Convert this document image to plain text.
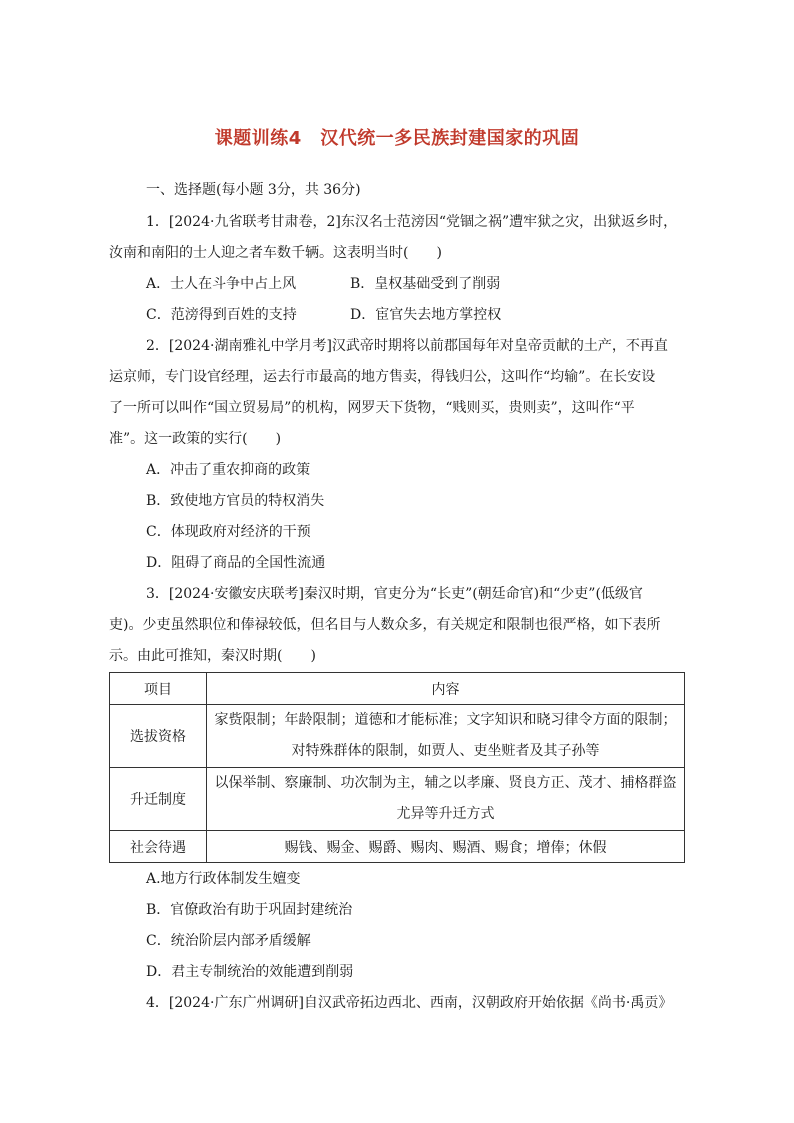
课题训练4　汉代统一多民族封建国家的巩固
一、选择题(每小题 3分，共 36分)
1．[2024·九省联考甘肃卷，2]东汉名士范滂因“党锢之祸”遭牢狱之灾，出狱返乡时，
汝南和南阳的士人迎之者车数千辆。这表明当时(　　)
A．士人在斗争中占上风	B．皇权基础受到了削弱
C．范滂得到百姓的支持	D．宦官失去地方掌控权
2．[2024·湖南雅礼中学月考]汉武帝时期将以前郡国每年对皇帝贡献的土产，不再直
运京师，专门设官经理，运去行市最高的地方售卖，得钱归公，这叫作“均输”。在长安设
了一所可以叫作“国立贸易局”的机构，网罗天下货物，“贱则买，贵则卖”，这叫作“平
准”。这一政策的实行(　　)
A．冲击了重农抑商的政策
B．致使地方官员的特权消失
C．体现政府对经济的干预
D．阻碍了商品的全国性流通
3．[2024·安徽安庆联考]秦汉时期，官吏分为“长吏”(朝廷命官)和“少吏”(低级官
吏)。少吏虽然职位和俸禄较低，但名目与人数众多，有关规定和限制也很严格，如下表所
示。由此可推知，秦汉时期(　　)
项目	内容
选拔资格	家赀限制；年龄限制；道德和才能标准；文字知识和晓习律令方面的限制；
对特殊群体的限制，如贾人、吏坐赃者及其子孙等

升迁制度	以保举制、察廉制、功次制为主，辅之以孝廉、贤良方正、茂才、捕格群盗
尤异等升迁方式

社会待遇	赐钱、赐金、赐爵、赐肉、赐酒、赐食；增俸；休假
A.地方行政体制发生嬗变
B．官僚政治有助于巩固封建统治
C．统治阶层内部矛盾缓解
D．君主专制统治的效能遭到削弱
4．[2024·广东广州调研]自汉武帝拓边西北、西南，汉朝政府开始依据《尚书·禹贡》
